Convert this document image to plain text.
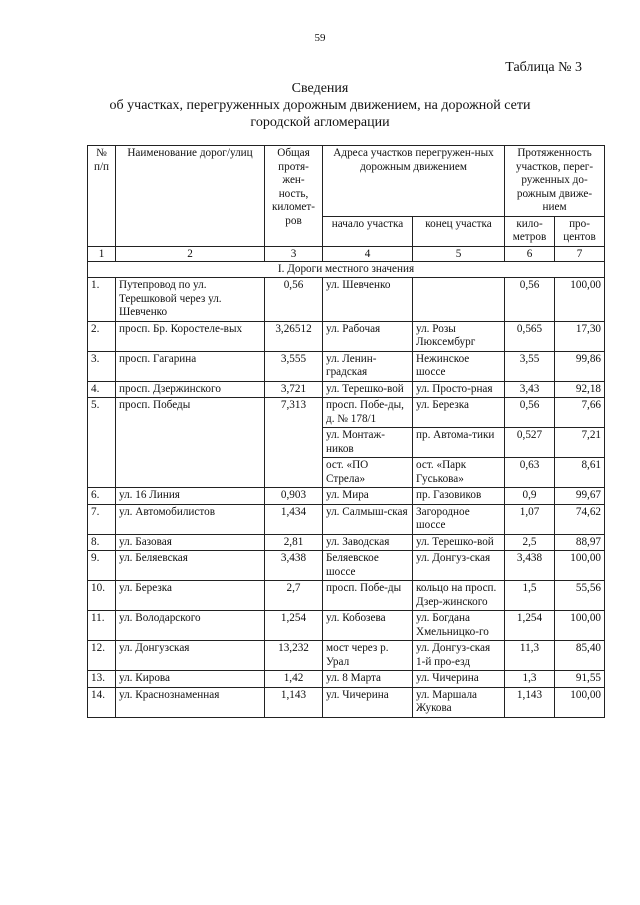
59
Таблица № 3
Сведения
об участках, перегруженных дорожным движением, на дорожной сети
городской агломерации
№ п/п	Наименование дорог/улиц	Общая протя-жен-ность, километ-ров	Адреса участков перегружен-ных дорожным движением		Протяженность участков, перег-руженных до-рожным движе-нием	
			начало участка	конец участка	кило-метров	про-центов
1	2	3	4	5	6	7
I. Дороги местного значения						
1.	Путепровод по ул. Терешковой через ул. Шевченко	0,56	ул. Шевченко		0,56	100,00
2.	просп. Бр. Коростеле-вых	3,26512	ул. Рабочая	ул. Розы Люксембург	0,565	17,30
3.	просп. Гагарина	3,555	ул. Ленин-градская	Нежинское шоссе	3,55	99,86
4.	просп. Дзержинского	3,721	ул. Терешко-вой	ул. Просто-рная	3,43	92,18
5.	просп. Победы	7,313	просп. Побе-ды, д. № 178/1	ул. Березка	0,56	7,66
			ул. Монтаж-ников	пр. Автома-тики	0,527	7,21
			ост. «ПО Стрела»	ост. «Парк Гуськова»	0,63	8,61
6.	ул. 16 Линия	0,903	ул. Мира	пр. Газовиков	0,9	99,67
7.	ул. Автомобилистов	1,434	ул. Салмыш-ская	Загородное шоссе	1,07	74,62
8.	ул. Базовая	2,81	ул. Заводская	ул. Терешко-вой	2,5	88,97
9.	ул. Беляевская	3,438	Беляевское шоссе	ул. Донгуз-ская	3,438	100,00
10.	ул. Березка	2,7	просп. Побе-ды	кольцо на просп. Дзер-жинского	1,5	55,56
11.	ул. Володарского	1,254	ул. Кобозева	ул. Богдана Хмельницко-го	1,254	100,00
12.	ул. Донгузская	13,232	мост через р. Урал	ул. Донгуз-ская 1-й про-езд	11,3	85,40
13.	ул. Кирова	1,42	ул. 8 Марта	ул. Чичерина	1,3	91,55
14.	ул. Краснознаменная	1,143	ул. Чичерина	ул. Маршала Жукова	1,143	100,00
